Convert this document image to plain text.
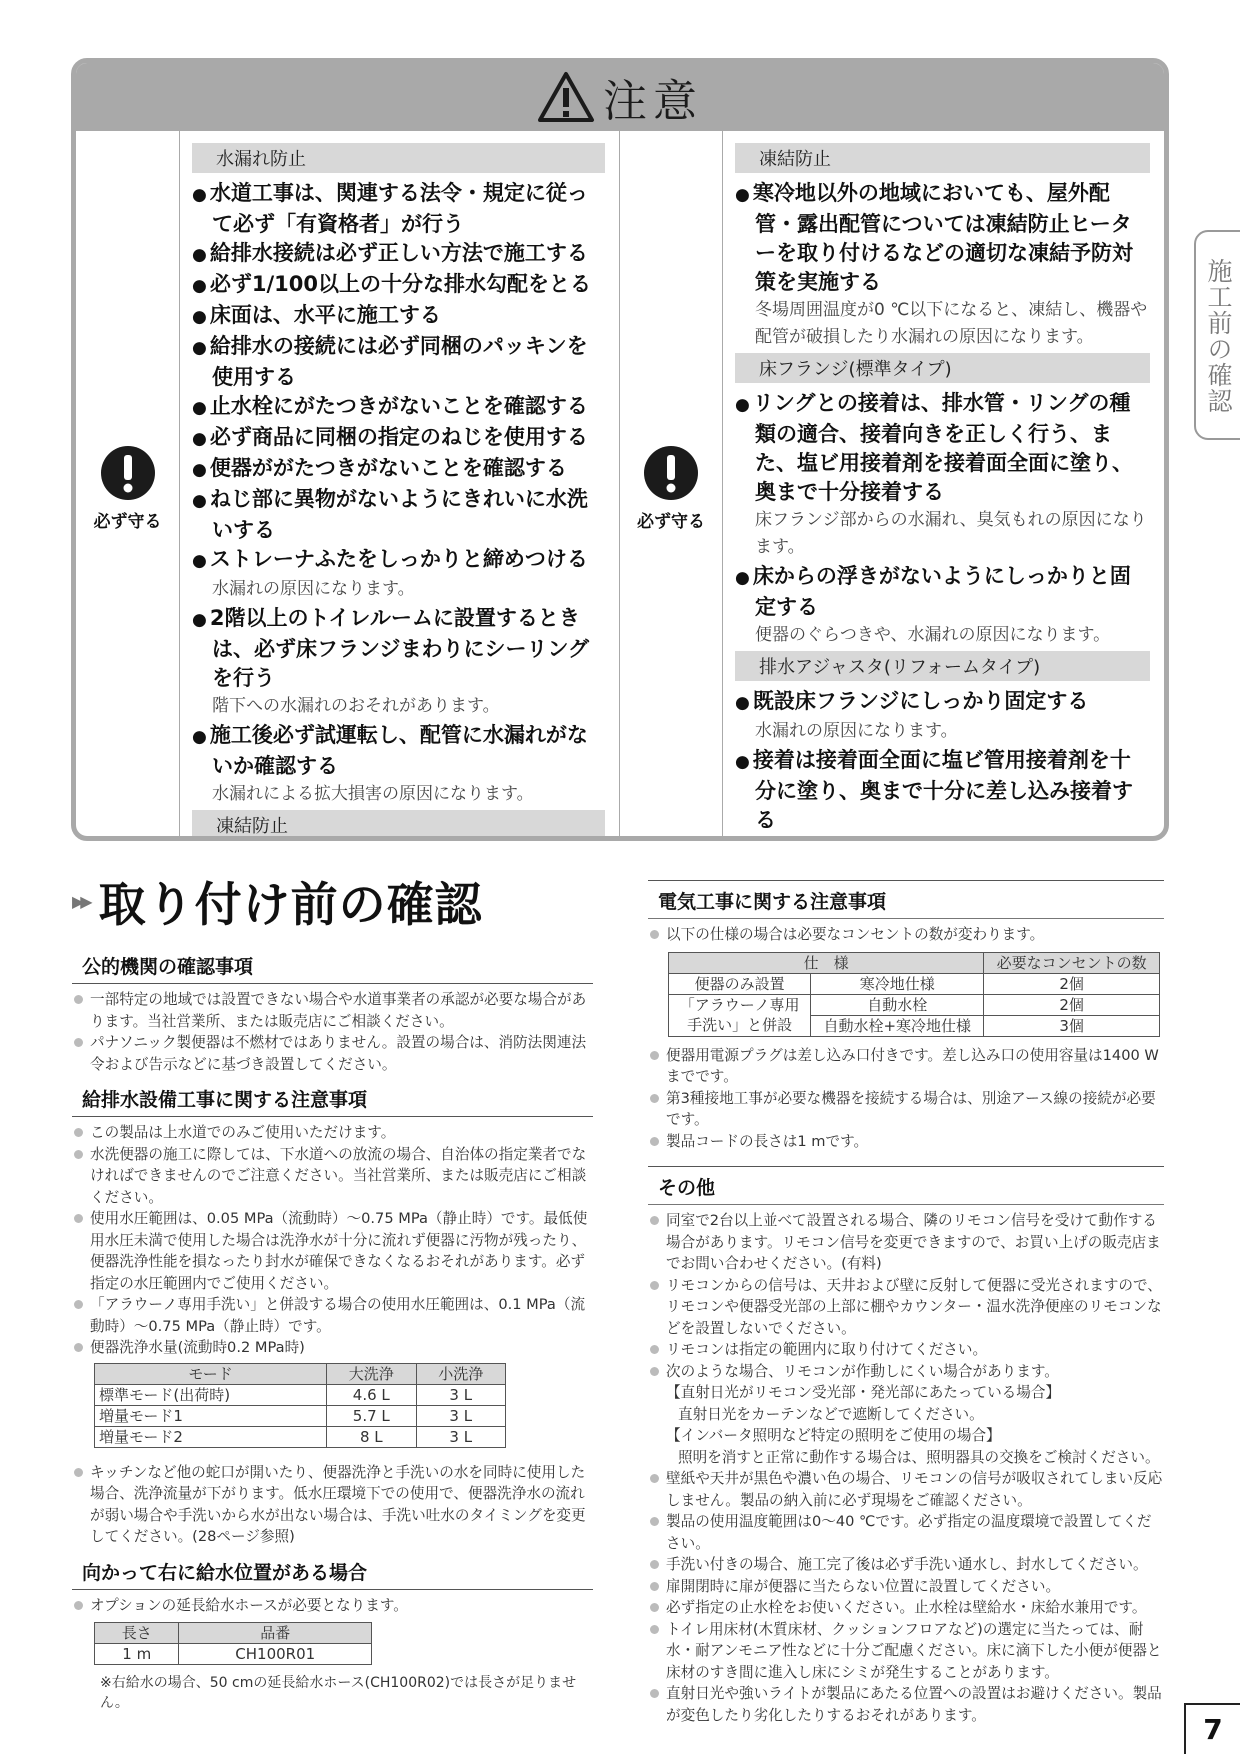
注意
必ず守る
水漏れ防止
● 水道工事は、関連する法令・規定に従って必ず「有資格者」が行う
● 給排水接続は必ず正しい方法で施工する
● 必ず1/100以上の十分な排水勾配をとる
● 床面は、水平に施工する
● 給排水の接続には必ず同梱のパッキンを使用する
● 止水栓にがたつきがないことを確認する
● 必ず商品に同梱の指定のねじを使用する
● 便器ががたつきがないことを確認する
● ねじ部に異物がないようにきれいに水洗いする
● ストレーナふたをしっかりと締めつける
水漏れの原因になります。
● 2階以上のトイレルームに設置するときは、必ず床フランジまわりにシーリングを行う
階下への水漏れのおそれがあります。
● 施工後必ず試運転し、配管に水漏れがないか確認する
水漏れによる拡大損害の原因になります。
凍結防止
必ず守る
凍結防止
● 寒冷地以外の地域においても、屋外配管・露出配管については凍結防止ヒーターを取り付けるなどの適切な凍結予防対策を実施する
冬場周囲温度が0 ℃以下になると、凍結し、機器や配管が破損したり水漏れの原因になります。
床フランジ(標準タイプ)
● リングとの接着は、排水管・リングの種類の適合、接着向きを正しく行う、また、塩ビ用接着剤を接着面全面に塗り、奥まで十分接着する
床フランジ部からの水漏れ、臭気もれの原因になります。
● 床からの浮きがないようにしっかりと固定する
便器のぐらつきや、水漏れの原因になります。
排水アジャスタ(リフォームタイプ)
● 既設床フランジにしっかり固定する
水漏れの原因になります。
● 接着は接着面全面に塩ビ管用接着剤を十分に塗り、奥まで十分に差し込み接着する
施工前の確認
▶▶ 取り付け前の確認
公的機関の確認事項
一部特定の地域では設置できない場合や水道事業者の承認が必要な場合があります。当社営業所、または販売店にご相談ください。
パナソニック製便器は不燃材ではありません。設置の場合は、消防法関連法令および告示などに基づき設置してください。
給排水設備工事に関する注意事項
この製品は上水道でのみご使用いただけます。
水洗便器の施工に際しては、下水道への放流の場合、自治体の指定業者でなければできませんのでご注意ください。当社営業所、または販売店にご相談ください。
使用水圧範囲は、0.05 MPa（流動時）～0.75 MPa（静止時）です。最低使用水圧未満で使用した場合は洗浄水が十分に流れず便器に汚物が残ったり、便器洗浄性能を損なったり封水が確保できなくなるおそれがあります。必ず指定の水圧範囲内でご使用ください。
「アラウーノ専用手洗い」と併設する場合の使用水圧範囲は、0.1 MPa（流動時）～0.75 MPa（静止時）です。
便器洗浄水量(流動時0.2 MPa時)
モード	大洗浄	小洗浄
標準モード(出荷時)	4.6 L	3 L
増量モード1	5.7 L	3 L
増量モード2	8 L	3 L
キッチンなど他の蛇口が開いたり、便器洗浄と手洗いの水を同時に使用した場合、洗浄流量が下がります。低水圧環境下での使用で、便器洗浄水の流れが弱い場合や手洗いから水が出ない場合は、手洗い吐水のタイミングを変更してください。(28ページ参照)
向かって右に給水位置がある場合
オプションの延長給水ホースが必要となります。
長さ	品番
1 m	CH100R01
※右給水の場合、50 cmの延長給水ホース(CH100R02)では長さが足りません。
電気工事に関する注意事項
以下の仕様の場合は必要なコンセントの数が変わります。
仕　様		必要なコンセントの数
便器のみ設置	寒冷地仕様	2個

「アラウーノ専用
手洗い」と併設	自動水栓	2個
	自動水栓+寒冷地仕様	3個
便器用電源プラグは差し込み口付きです。差し込み口の使用容量は1400 Wまでです。
第3種接地工事が必要な機器を接続する場合は、別途アース線の接続が必要です。
製品コードの長さは1 mです。
その他
同室で2台以上並べて設置される場合、隣のリモコン信号を受けて動作する場合があります。リモコン信号を変更できますので、お買い上げの販売店までお問い合わせください。(有料)
リモコンからの信号は、天井および壁に反射して便器に受光されますので、リモコンや便器受光部の上部に棚やカウンター・温水洗浄便座のリモコンなどを設置しないでください。
リモコンは指定の範囲内に取り付けてください。
次のような場合、リモコンが作動しにくい場合があります。
【直射日光がリモコン受光部・発光部にあたっている場合】
直射日光をカーテンなどで遮断してください。
【インバータ照明など特定の照明をご使用の場合】
照明を消すと正常に動作する場合は、照明器具の交換をご検討ください。
壁紙や天井が黒色や濃い色の場合、リモコンの信号が吸収されてしまい反応しません。製品の納入前に必ず現場をご確認ください。
製品の使用温度範囲は0～40 ℃です。必ず指定の温度環境で設置してください。
手洗い付きの場合、施工完了後は必ず手洗い通水し、封水してください。
扉開閉時に扉が便器に当たらない位置に設置してください。
必ず指定の止水栓をお使いください。止水栓は壁給水・床給水兼用です。
トイレ用床材(木質床材、クッションフロアなど)の選定に当たっては、耐水・耐アンモニア性などに十分ご配慮ください。床に滴下した小便が便器と床材のすき間に進入し床にシミが発生することがあります。
直射日光や強いライトが製品にあたる位置への設置はお避けください。製品が変色したり劣化したりするおそれがあります。	7
